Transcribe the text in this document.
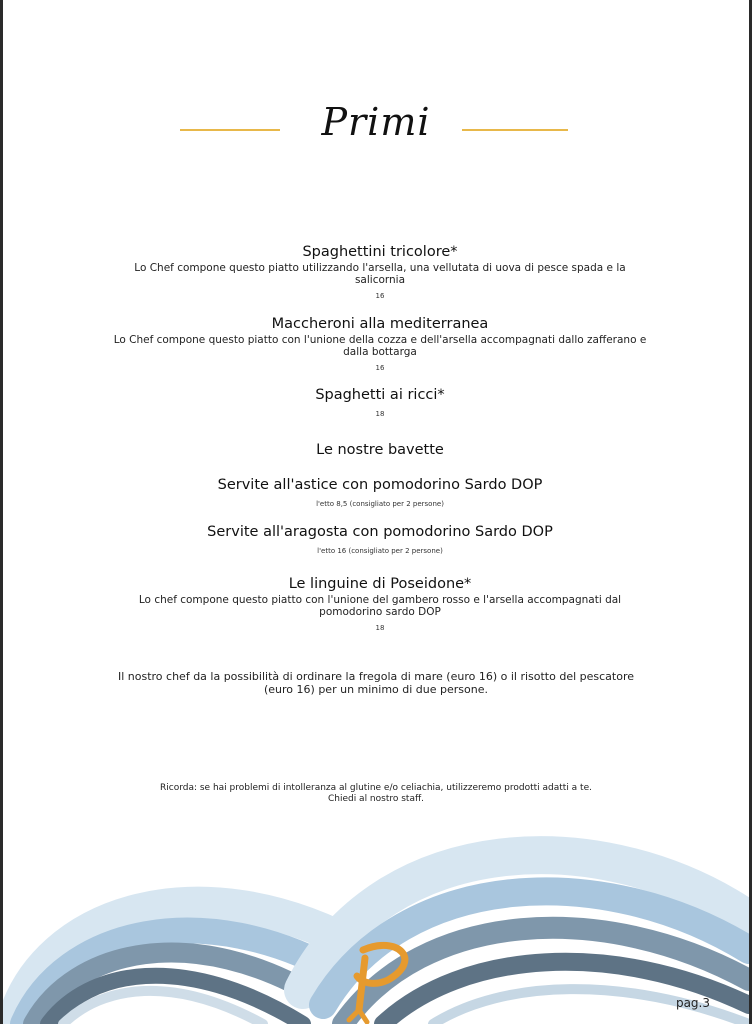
Primi
Spaghettini tricolore*
Lo Chef compone questo piatto utilizzando l'arsella, una vellutata di uova di pesce spada e la salicornia
16
Maccheroni alla mediterranea
Lo Chef compone questo piatto con l'unione della cozza e dell'arsella accompagnati dallo zafferano e dalla bottarga
16
Spaghetti ai ricci*
18
Le nostre bavette
Servite all'astice con pomodorino Sardo DOP
l'etto 8,5 (consigliato per 2 persone)
Servite all'aragosta con pomodorino Sardo DOP
l'etto 16 (consigliato per 2 persone)
Le linguine di Poseidone*
Lo chef compone questo piatto con l'unione del gambero rosso e l'arsella accompagnati dal pomodorino sardo DOP
18
Il nostro chef da la possibilità di ordinare la fregola di mare (euro 16) o il risotto del pescatore (euro 16) per un minimo di due persone.
Ricorda: se hai problemi di intolleranza al glutine e/o celiachia, utilizzeremo prodotti adatti a te.
Chiedi al nostro staff.
pag.3
